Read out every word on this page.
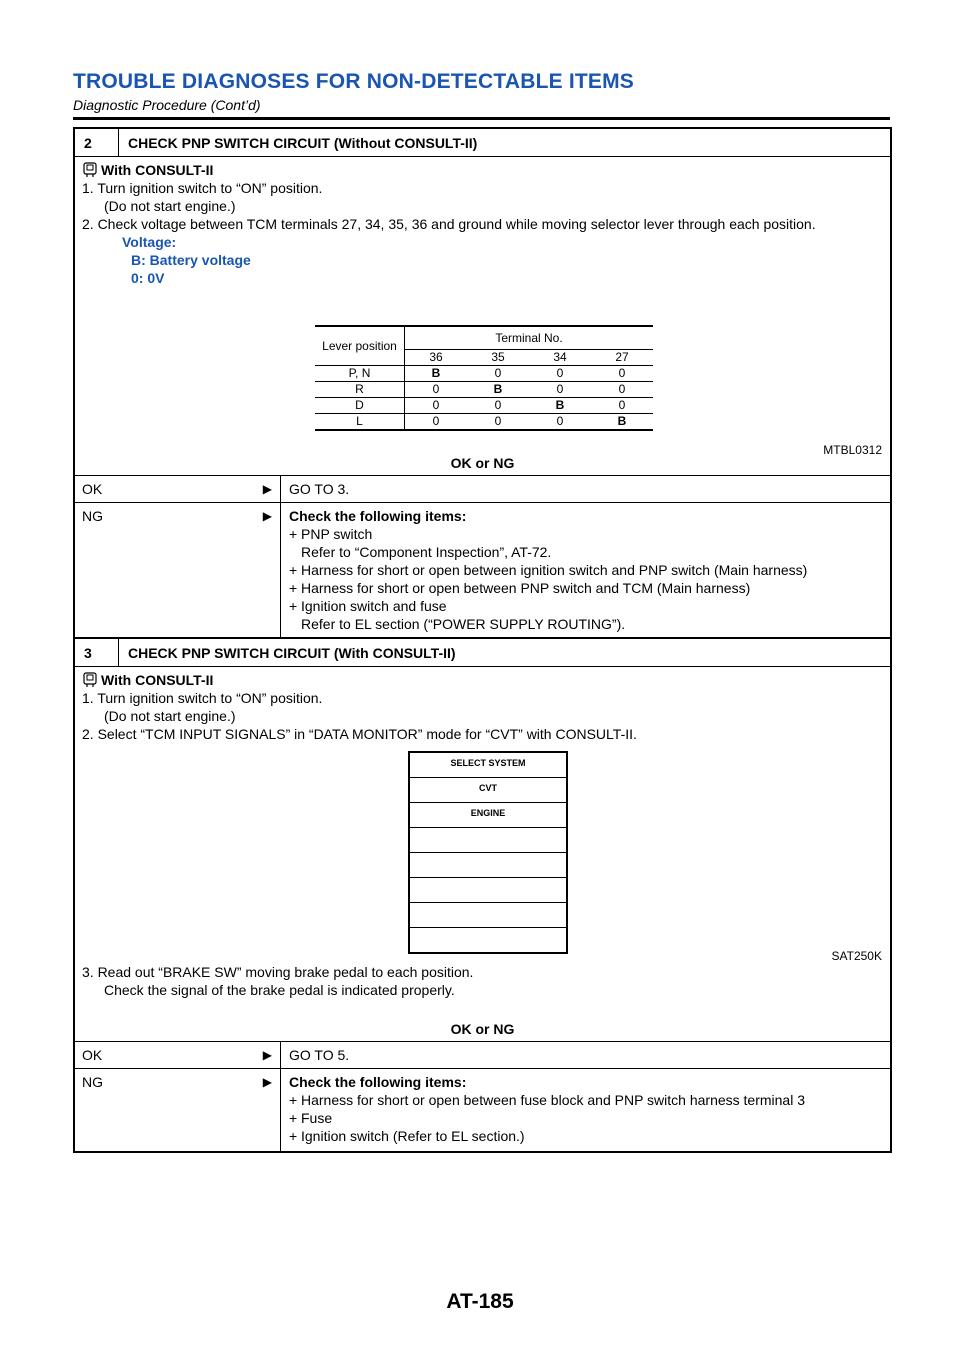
TROUBLE DIAGNOSES FOR NON-DETECTABLE ITEMS
Diagnostic Procedure (Cont’d)
2	CHECK PNP SWITCH CIRCUIT (Without CONSULT-II)
With CONSULT-II
1. Turn ignition switch to “ON” position.
(Do not start engine.)
2. Check voltage between TCM terminals 27, 34, 35, 36 and ground while moving selector lever through each position.
Voltage:
B: Battery voltage
0: 0V
Lever position	Terminal No.			
	36	35	34	27
P, N	B	0	0	0
R	0	B	0	0
D	0	0	B	0
L	0	0	0	B
MTBL0312
OK or NG
OK	▶	GO TO 3.
NG	▶ Check the following items:
+ PNP switch
Refer to “Component Inspection”, AT-72.
+ Harness for short or open between ignition switch and PNP switch (Main harness)
+ Harness for short or open between PNP switch and TCM (Main harness)
+ Ignition switch and fuse
Refer to EL section (“POWER SUPPLY ROUTING”).
3	CHECK PNP SWITCH CIRCUIT (With CONSULT-II)
With CONSULT-II
1. Turn ignition switch to “ON” position.
(Do not start engine.)
2. Select “TCM INPUT SIGNALS” in “DATA MONITOR” mode for “CVT” with CONSULT-II.
SELECT SYSTEM
CVT
ENGINE
SAT250K
3. Read out “BRAKE SW” moving brake pedal to each position.
Check the signal of the brake pedal is indicated properly.
OK or NG
OK	▶	GO TO 5.
NG	▶ Check the following items:
+ Harness for short or open between fuse block and PNP switch harness terminal 3
+ Fuse
+ Ignition switch (Refer to EL section.)
AT-185
